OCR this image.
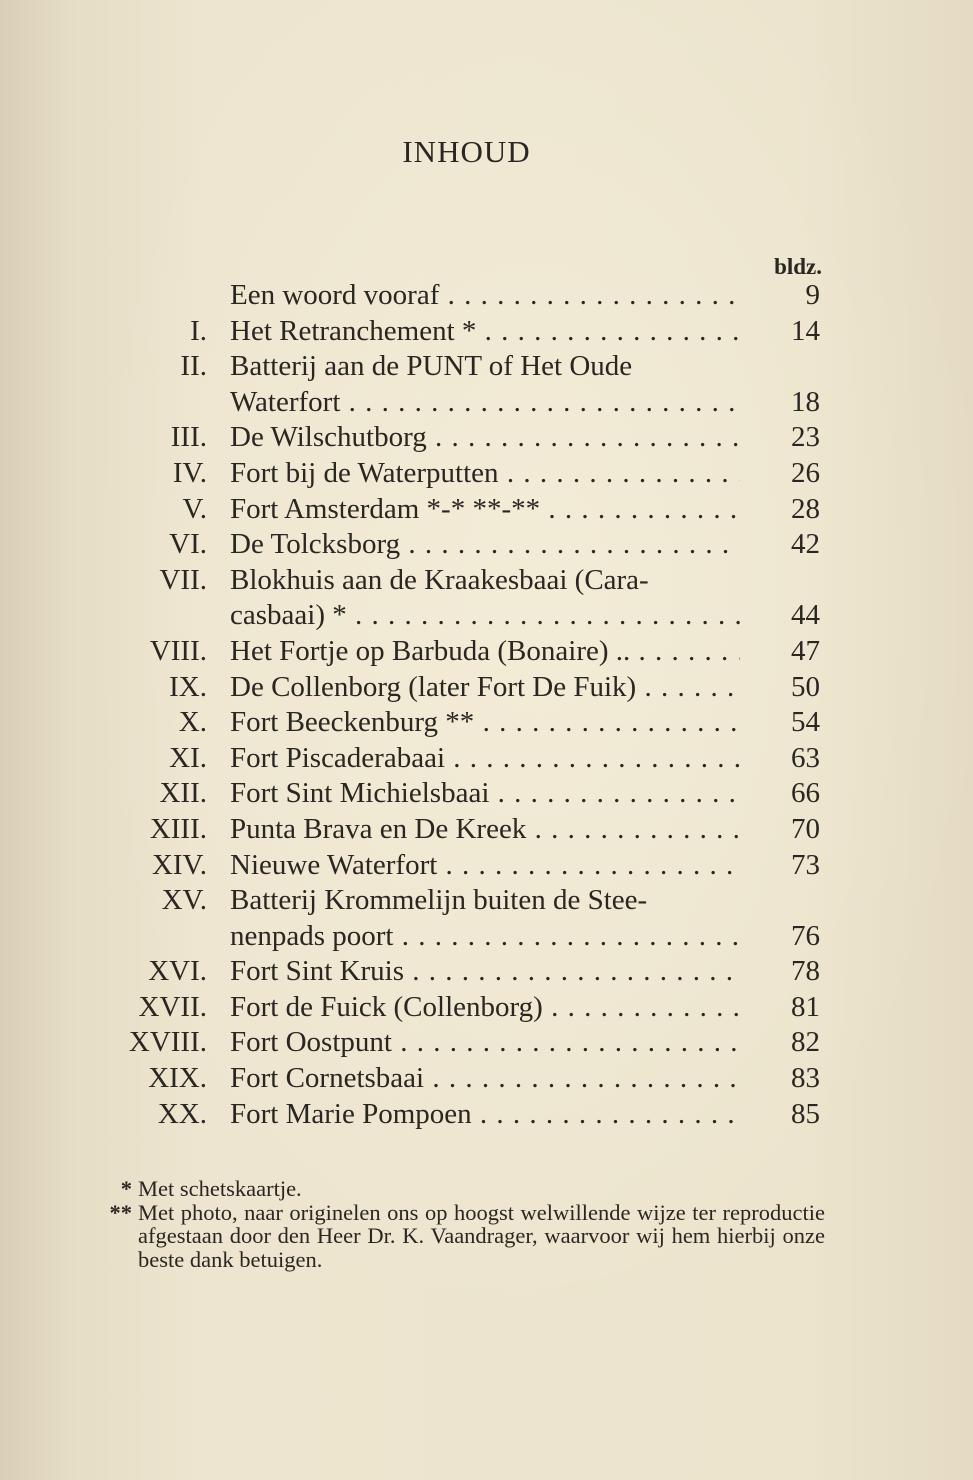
INHOUD
bldz.
Een woord vooraf . . .	9
I. Het Retranchement * . . .	14
II. Batterij aan de PUNT of Het Oude
Waterfort . . .	18
III. De Wilschutborg . . .	23
IV. Fort bij de Waterputten . . .	26
V. Fort Amsterdam *-* **-** . . .	28
VI. De Tolcksborg . . .	42
VII. Blokhuis aan de Kraakesbaai (Cara-
casbaai) * . . .	44
VIII. Het Fortje op Barbuda (Bonaire) .. . . .	47
IX. De Collenborg (later Fort De Fuik) . . .	50
X. Fort Beeckenburg ** . . .	54
XI. Fort Piscaderabaai . . .	63
XII. Fort Sint Michielsbaai . . .	66
XIII. Punta Brava en De Kreek . . .	70
XIV. Nieuwe Waterfort . . .	73
XV. Batterij Krommelijn buiten de Stee-
nenpads poort . . .	76
XVI. Fort Sint Kruis . . .	78
XVII. Fort de Fuick (Collenborg) . . .	81
XVIII. Fort Oostpunt . . .	82
XIX. Fort Cornetsbaai . . .	83
XX. Fort Marie Pompoen . . .	85
* Met schetskaartje.
** Met photo, naar originelen ons op hoogst welwillende wijze ter reproductie afgestaan door den Heer Dr. K. Vaandrager, waarvoor wij hem hierbij onze beste dank betuigen.
